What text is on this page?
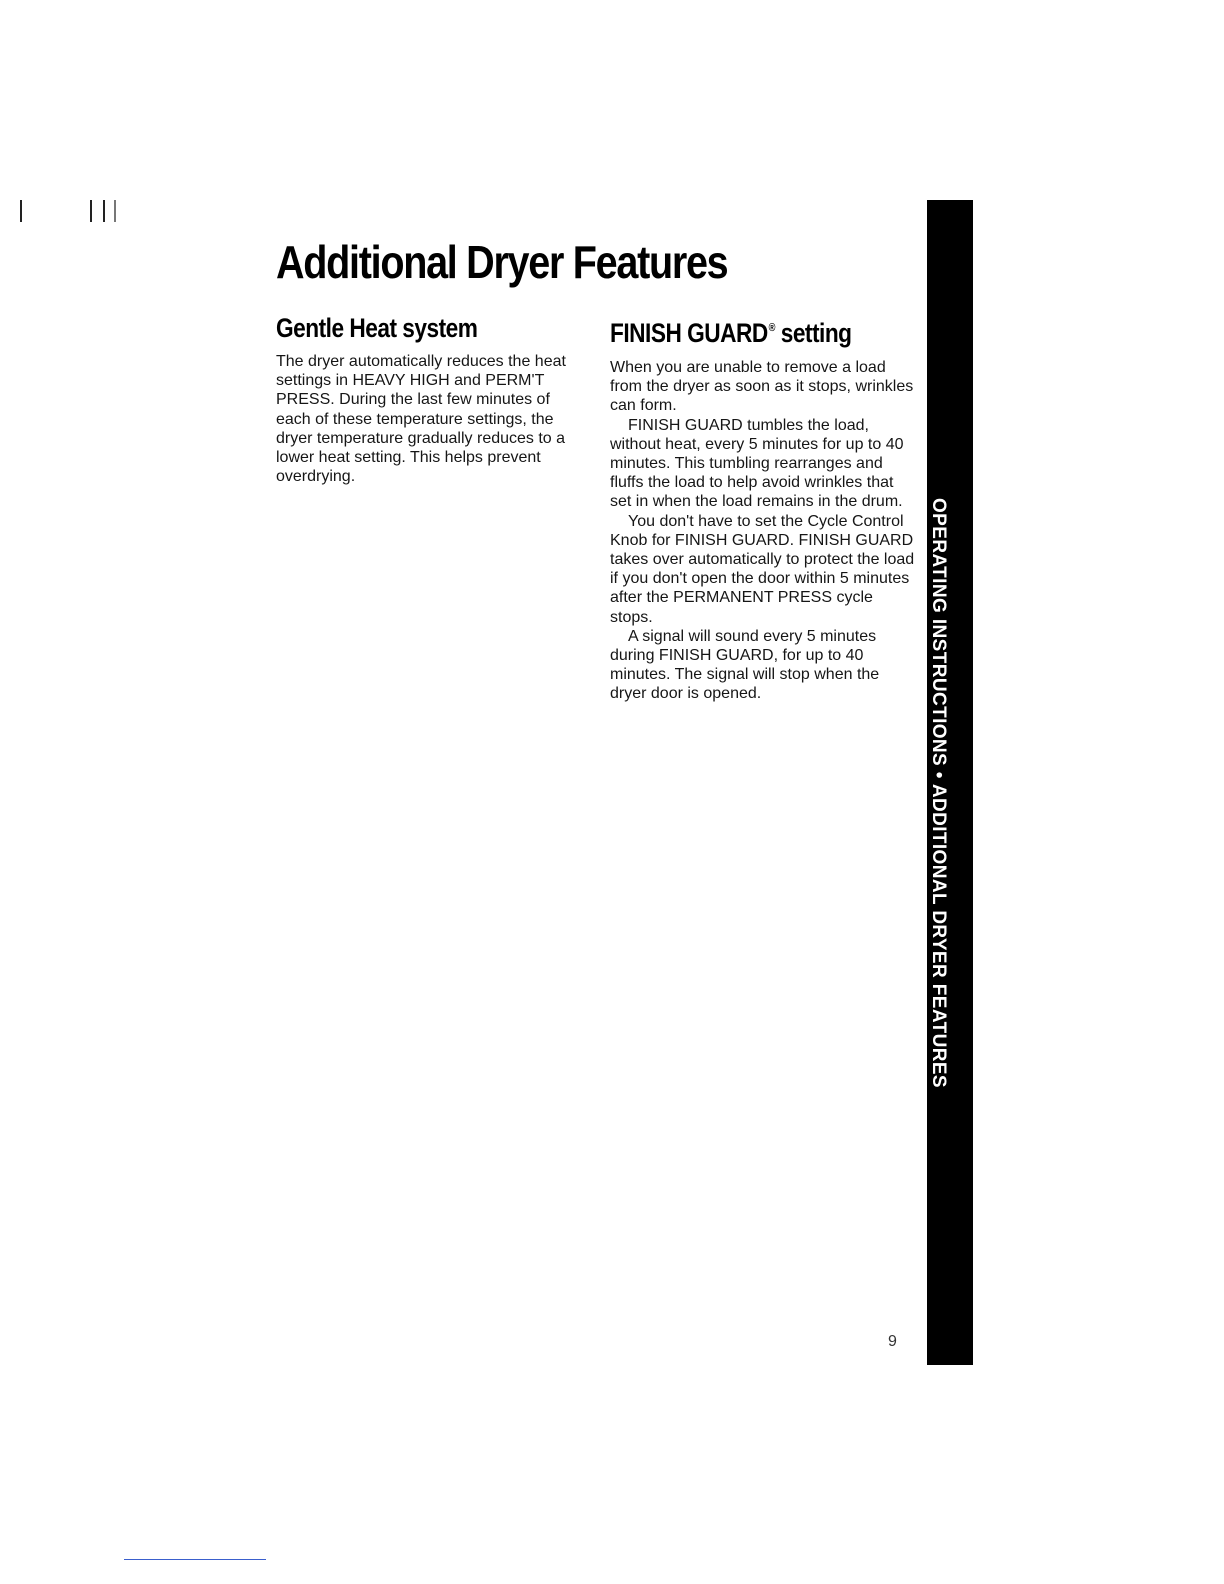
Additional Dryer Features
Gentle Heat system

The dryer automatically reduces the heat settings in HEAVY HIGH and PERM'T PRESS. During the last few minutes of each of these temperature settings, the dryer temperature gradually reduces to a lower heat setting. This helps prevent overdrying.

FINISH GUARD® setting

When you are unable to remove a load from the dryer as soon as it stops, wrinkles can form.

FINISH GUARD tumbles the load, without heat, every 5 minutes for up to 40 minutes. This tumbling rearranges and fluffs the load to help avoid wrinkles that set in when the load remains in the drum.

You don't have to set the Cycle Control Knob for FINISH GUARD. FINISH GUARD takes over automatically to protect the load if you don't open the door within 5 minutes after the PERMANENT PRESS cycle stops.

A signal will sound every 5 minutes during FINISH GUARD, for up to 40 minutes. The signal will stop when the dryer door is opened.	OPERATING INSTRUCTIONS • ADDITIONAL DRYER FEATURES
9
